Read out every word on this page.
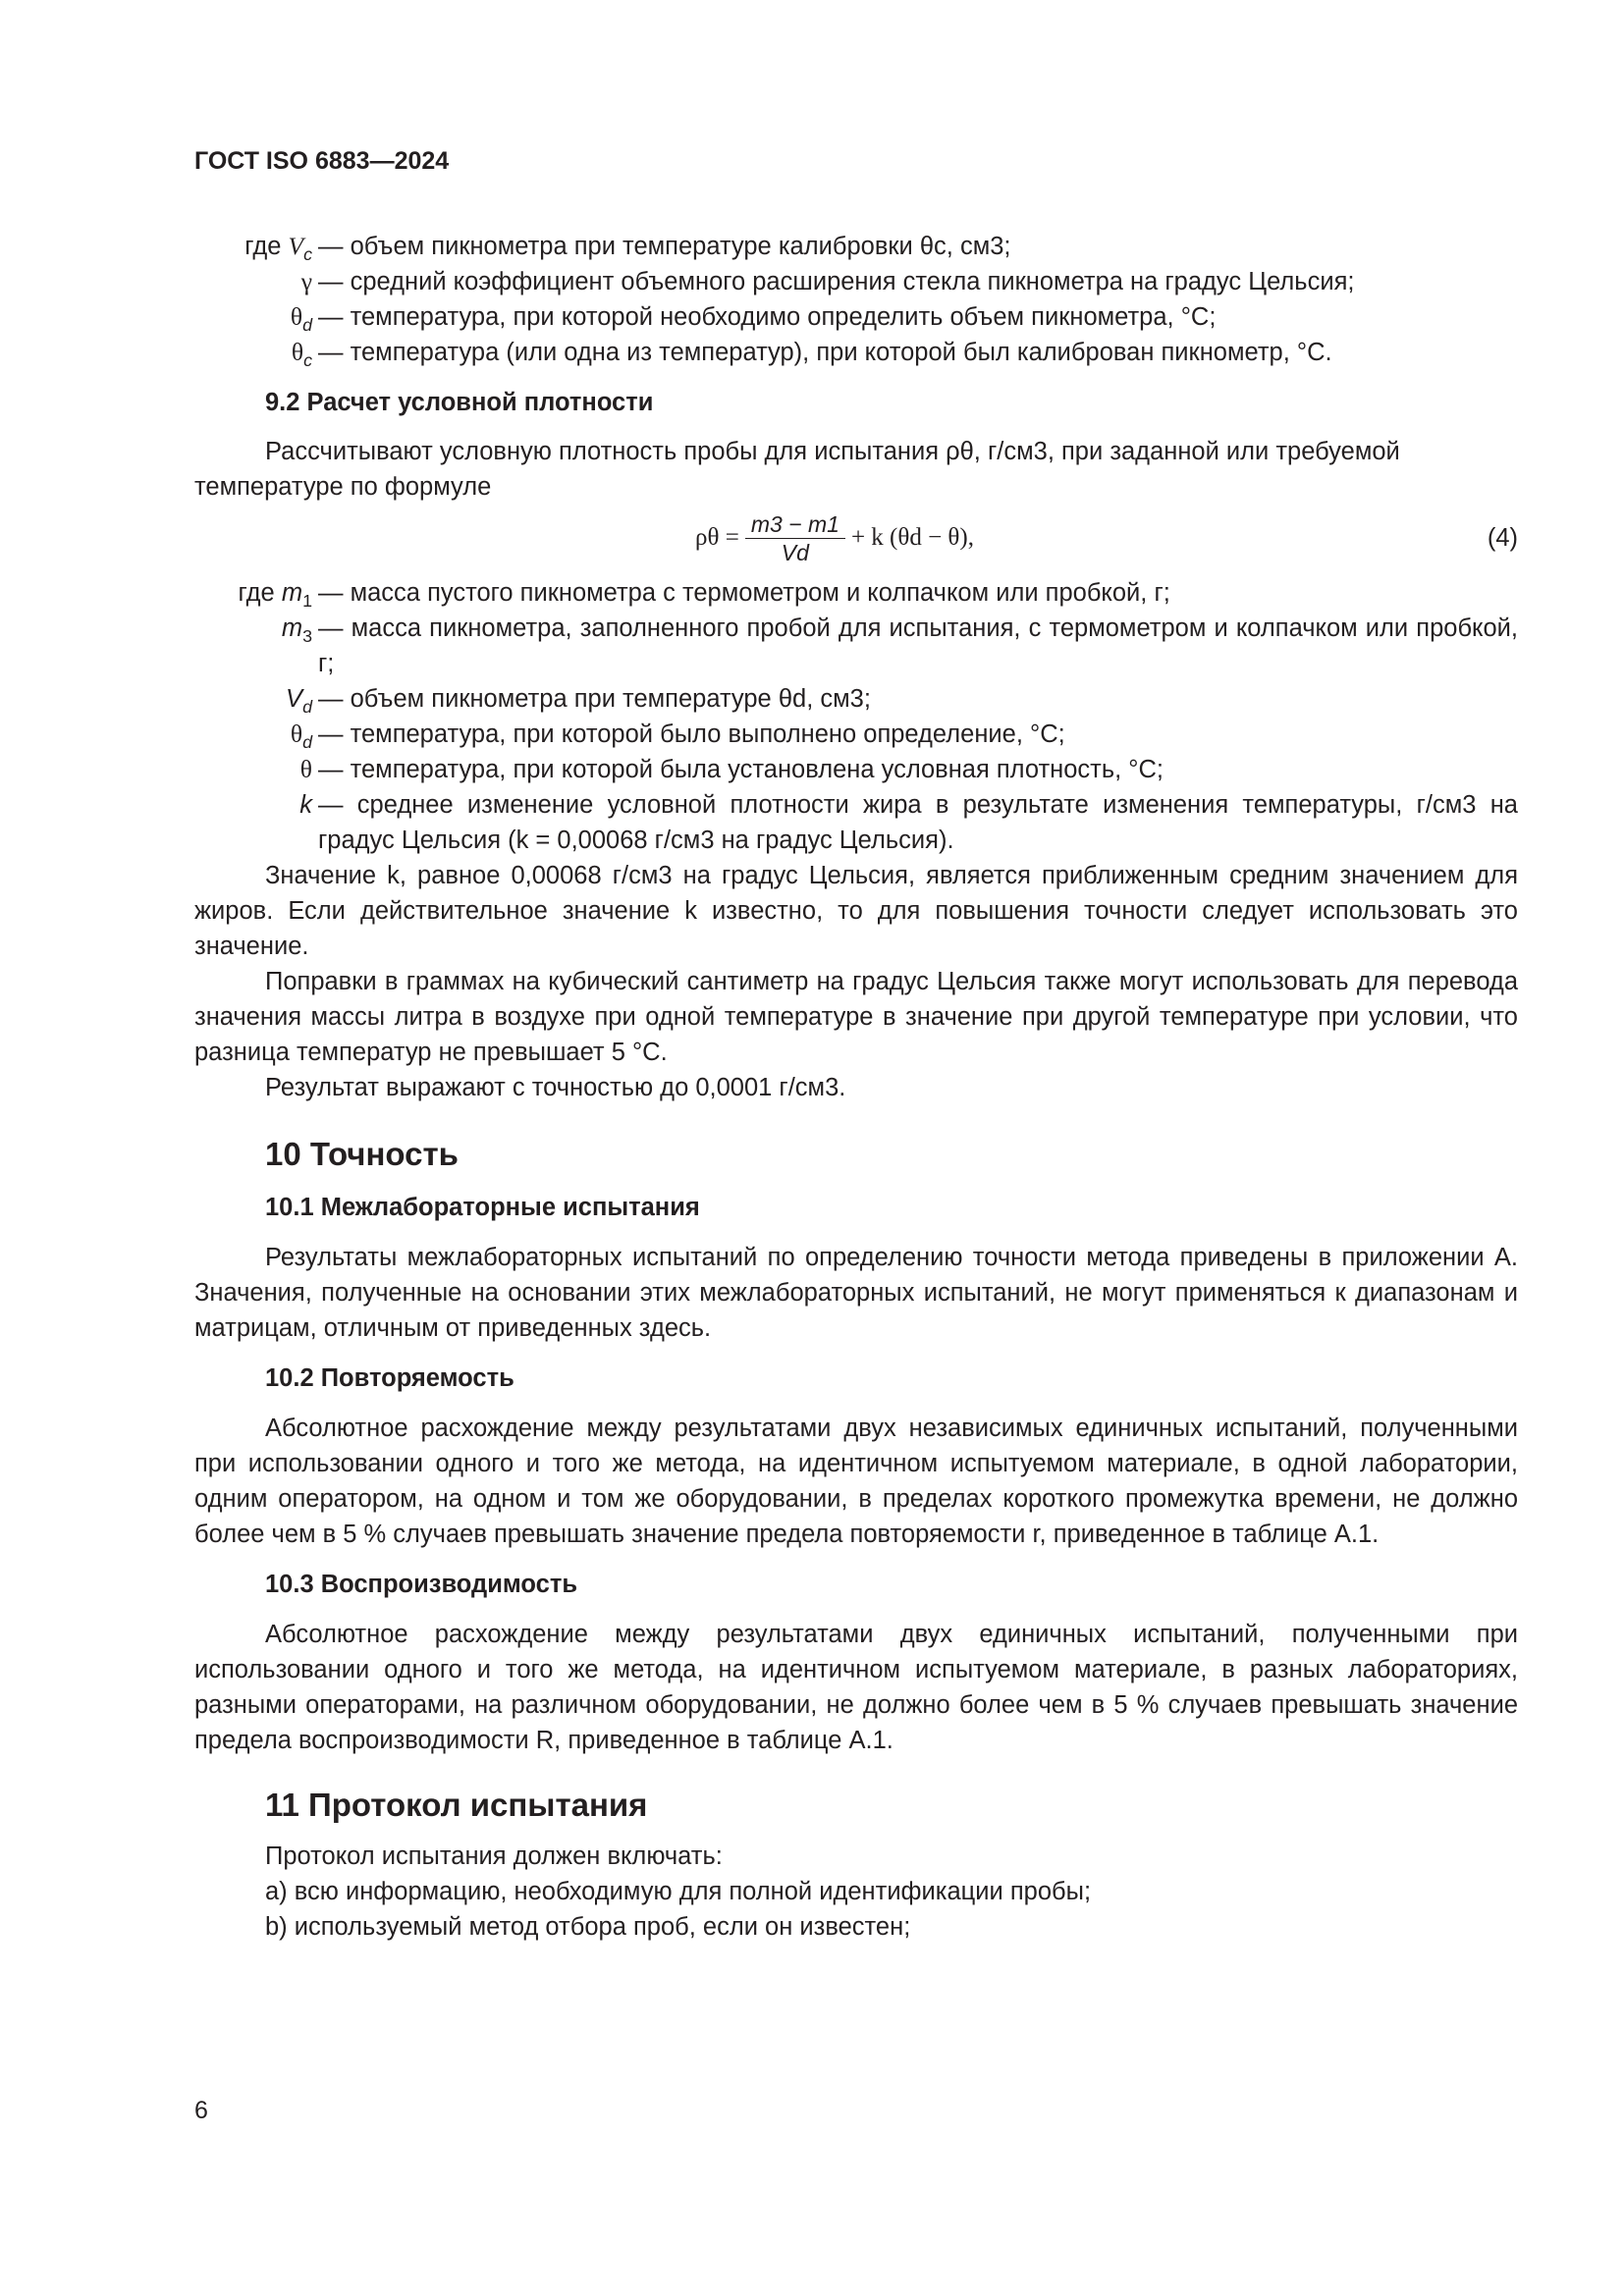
ГОСТ ISO 6883—2024
где $V_c$ — объем пикнометра при температуре калибровки θc, см3;
γ — средний коэффициент объемного расширения стекла пикнометра на градус Цельсия;
$\theta_d$ — температура, при которой необходимо определить объем пикнометра, °С;
$\theta_c$ — температура (или одна из температур), при которой был калиброван пикнометр, °С.

9.2 Расчет условной плотности

Рассчитывают условную плотность пробы для испытания ρθ, г/см3, при заданной или требуемой

температуре по формуле

$\rho\theta = \frac{m3 - m1}{Vd} + k$ (θd − θ),	(4)
где $m_1$ — масса пустого пикнометра с термометром и колпачком или пробкой, г;
$m_3$ — масса пикнометра, заполненного пробой для испытания, с термометром и колпачком или пробкой, г;
$V_d$ — объем пикнометра при температуре θd, см3;
$\theta_d$ — температура, при которой было выполнено определение, °С;
θ — температура, при которой была установлена условная плотность, °С;
k — среднее изменение условной плотности жира в результате изменения температуры, г/см3 на градус Цельсия (k = 0,00068 г/см3 на градус Цельсия).

Значение k, равное 0,00068 г/см3 на градус Цельсия, является приближенным средним значением для жиров. Если действительное значение k известно, то для повышения точности следует использовать это значение.

Поправки в граммах на кубический сантиметр на градус Цельсия также могут использовать для перевода значения массы литра в воздухе при одной температуре в значение при другой температуре при условии, что разница температур не превышает 5 °С.

Результат выражают с точностью до 0,0001 г/см3.

10 Точность

10.1 Межлабораторные испытания

Результаты межлабораторных испытаний по определению точности метода приведены в приложении А. Значения, полученные на основании этих межлабораторных испытаний, не могут применяться к диапазонам и матрицам, отличным от приведенных здесь.

10.2 Повторяемость

Абсолютное расхождение между результатами двух независимых единичных испытаний, полученными при использовании одного и того же метода, на идентичном испытуемом материале, в одной лаборатории, одним оператором, на одном и том же оборудовании, в пределах короткого промежутка времени, не должно более чем в 5 % случаев превышать значение предела повторяемости r, приведенное в таблице А.1.

10.3 Воспроизводимость

Абсолютное расхождение между результатами двух единичных испытаний, полученными при использовании одного и того же метода, на идентичном испытуемом материале, в разных лабораториях, разными операторами, на различном оборудовании, не должно более чем в 5 % случаев превышать значение предела воспроизводимости R, приведенное в таблице А.1.

11 Протокол испытания

Протокол испытания должен включать:

a) всю информацию, необходимую для полной идентификации пробы;

b) используемый метод отбора проб, если он известен;

6
